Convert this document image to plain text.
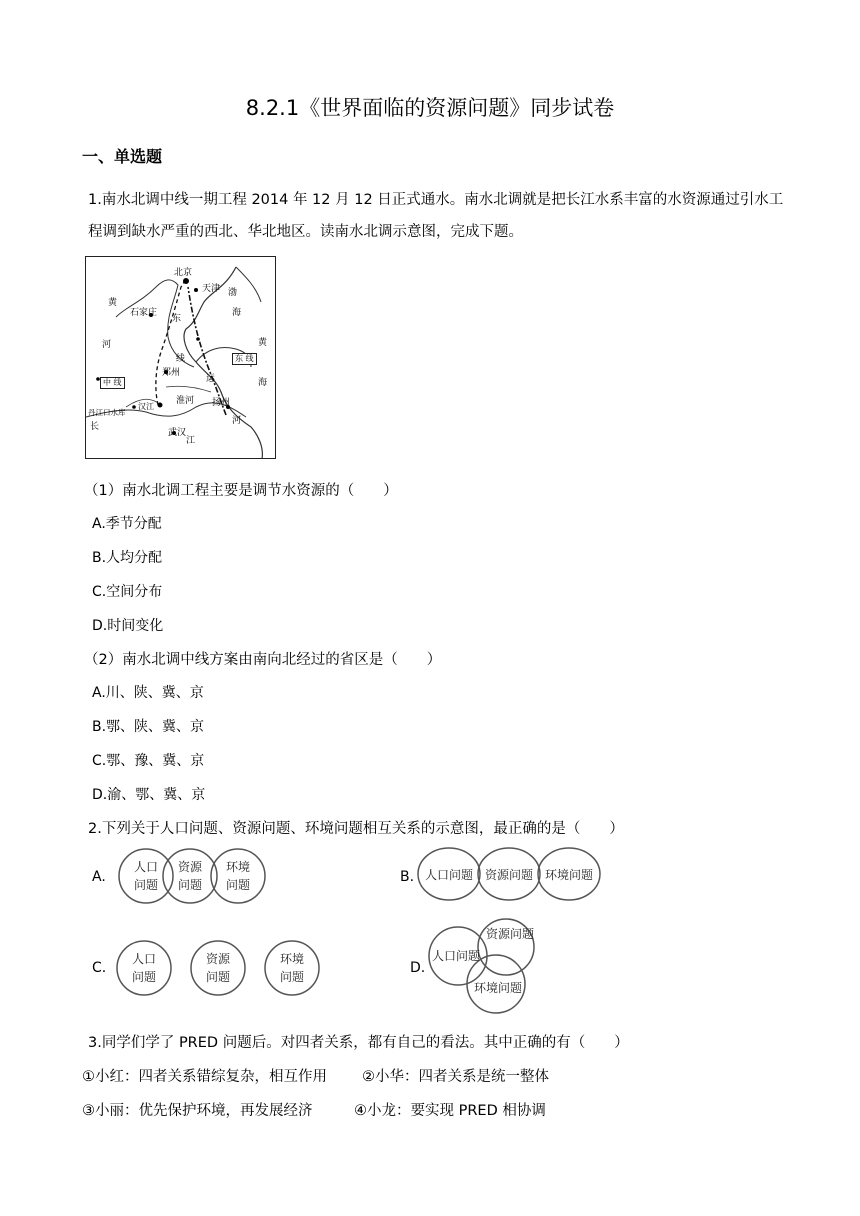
8.2.1《世界面临的资源问题》同步试卷
一、单选题
1.南水北调中线一期工程 2014 年 12 月 12 日正式通水。南水北调就是把长江水系丰富的水资源通过引水工
程调到缺水严重的西北、华北地区。读南水北调示意图，完成下题。
北京
天津 渤
海
黄
河
石家庄
东
郑州
淮河
线
中 线
东 线
黄
海
丹江口水库
汉江	扬州
武汉
长
江
河
运
（1）南水北调工程主要是调节水资源的（　　）
A.季节分配
B.人均分配
C.空间分布
D.时间变化
（2）南水北调中线方案由南向北经过的省区是（　　）
A.川、陕、冀、京
B.鄂、陕、冀、京
C.鄂、豫、冀、京
D.渝、鄂、冀、京
2.下列关于人口问题、资源问题、环境问题相互关系的示意图，最正确的是（　　）
A.
人口
问题
资源
问题
环境
问题	B. 人口问题 资源问题 环境问题
C.
人口
问题
资源
问题
环境
问题
D.
人口问题
资源问题
环境问题
3.同学们学了 PRED 问题后。对四者关系，都有自己的看法。其中正确的有（　　）
①小红：四者关系错综复杂，相互作用 ②小华：四者关系是统一整体
③小丽：优先保护环境，再发展经济	④小龙：要实现 PRED 相协调
